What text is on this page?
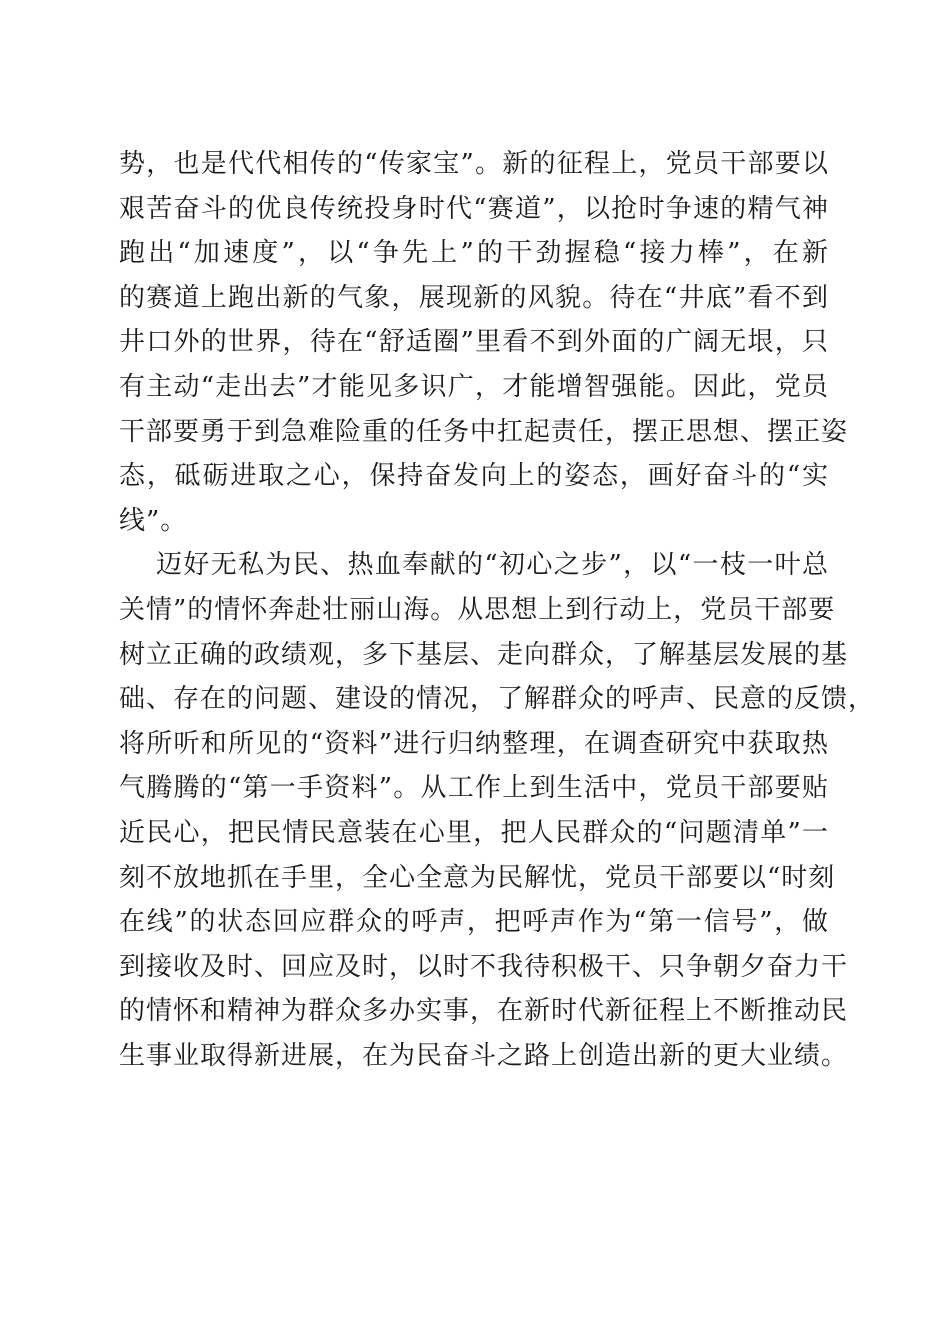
势，也是代代相传的“传家宝”。新的征程上，党员干部要以
艰苦奋斗的优良传统投身时代“赛道”，以抢时争速的精气神
跑出“加速度”，以“争先上”的干劲握稳“接力棒”，在新
的赛道上跑出新的气象，展现新的风貌。待在“井底”看不到
井口外的世界，待在“舒适圈”里看不到外面的广阔无垠，只
有主动“走出去”才能见多识广，才能增智强能。因此，党员
干部要勇于到急难险重的任务中扛起责任，摆正思想、摆正姿
态，砥砺进取之心，保持奋发向上的姿态，画好奋斗的“实
线”。
迈好无私为民、热血奉献的“初心之步”，以“一枝一叶总
关情”的情怀奔赴壮丽山海。从思想上到行动上，党员干部要
树立正确的政绩观，多下基层、走向群众，了解基层发展的基
础、存在的问题、建设的情况，了解群众的呼声、民意的反馈，
将所听和所见的“资料”进行归纳整理，在调查研究中获取热
气腾腾的“第一手资料”。从工作上到生活中，党员干部要贴
近民心，把民情民意装在心里，把人民群众的“问题清单”一
刻不放地抓在手里，全心全意为民解忧，党员干部要以“时刻
在线”的状态回应群众的呼声，把呼声作为“第一信号”，做
到接收及时、回应及时，以时不我待积极干、只争朝夕奋力干
的情怀和精神为群众多办实事，在新时代新征程上不断推动民
生事业取得新进展，在为民奋斗之路上创造出新的更大业绩。
